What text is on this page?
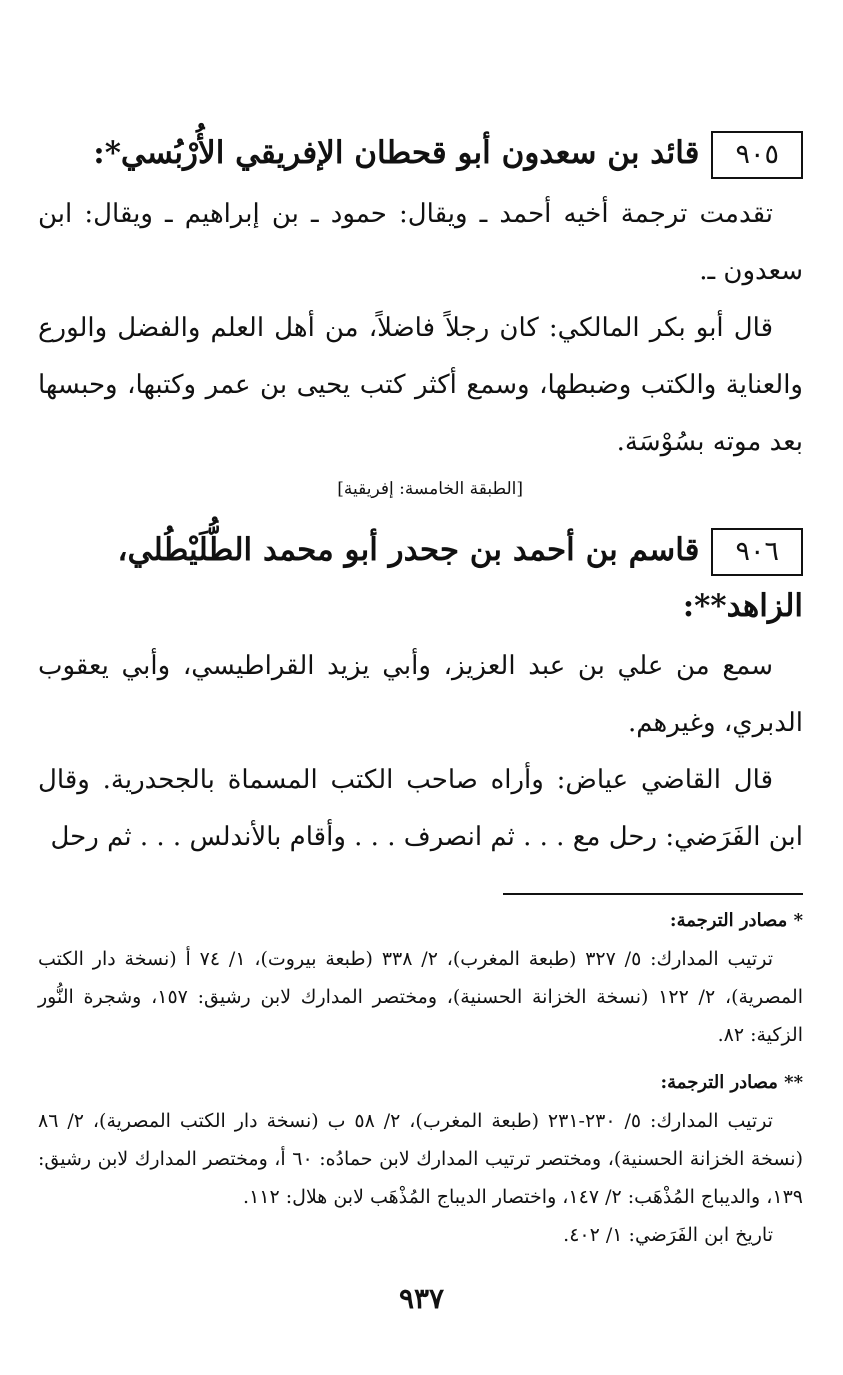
٩٠٥قائد بن سعدون أبو قحطان الإفريقي الأُرْبُسي*:
تقدمت ترجمة أخيه أحمد ـ ويقال: حمود ـ بن إبراهيم ـ ويقال: ابن سعدون ـ.
قال أبو بكر المالكي: كان رجلاً فاضلاً، من أهل العلم والفضل والورع والعناية والكتب وضبطها، وسمع أكثر كتب يحيى بن عمر وكتبها، وحبسها بعد موته بسُوْسَة.
[الطبقة الخامسة: إفريقية]
٩٠٦قاسم بن أحمد بن جحدر أبو محمد الطُّلَيْطُلي، الزاهد**:
سمع من علي بن عبد العزيز، وأبي يزيد القراطيسي، وأبي يعقوب الدبري، وغيرهم.
قال القاضي عياض: وأراه صاحب الكتب المسماة بالجحدرية. وقال ابن الفَرَضي: رحل مع . . . ثم انصرف . . . وأقام بالأندلس . . . ثم رحل
* مصادر الترجمة:
ترتيب المدارك: ٥/ ٣٢٧ (طبعة المغرب)، ٢/ ٣٣٨ (طبعة بيروت)، ١/ ٧٤ أ (نسخة دار الكتب المصرية)، ٢/ ١٢٢ (نسخة الخزانة الحسنية)، ومختصر المدارك لابن رشيق: ١٥٧، وشجرة النُّور الزكية: ٨٢.
** مصادر الترجمة:
ترتيب المدارك: ٥/ ٢٣٠-٢٣١ (طبعة المغرب)، ٢/ ٥٨ ب (نسخة دار الكتب المصرية)، ٢/ ٨٦ (نسخة الخزانة الحسنية)، ومختصر ترتيب المدارك لابن حمادُه: ٦٠ أ، ومختصر المدارك لابن رشيق: ١٣٩، والديباج المُذْهَب: ٢/ ١٤٧، واختصار الديباج المُذْهَب لابن هلال: ١١٢.
تاريخ ابن الفَرَضي: ١/ ٤٠٢.
٩٣٧
